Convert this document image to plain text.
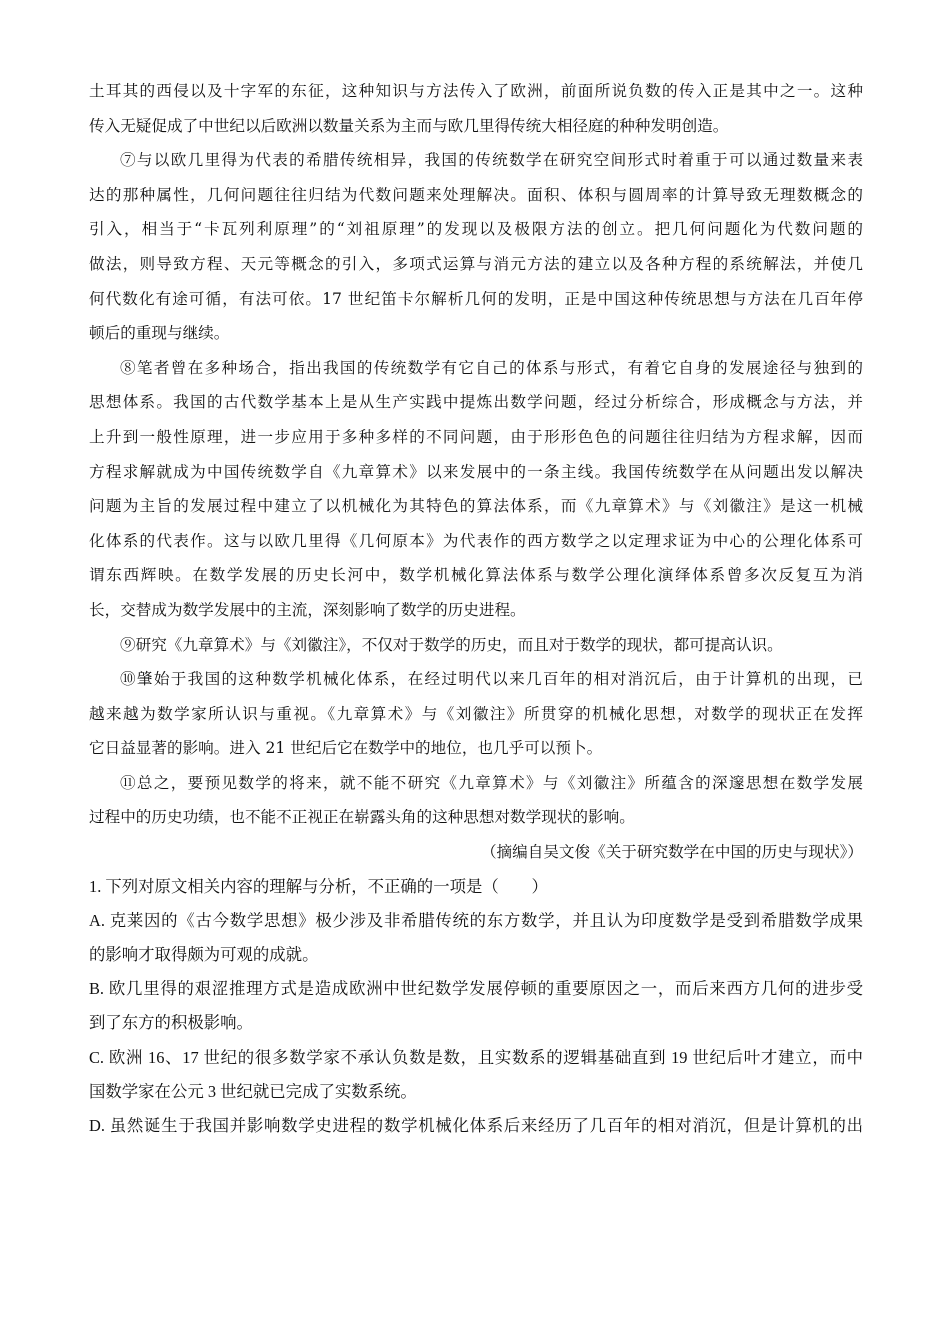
土耳其的西侵以及十字军的东征，这种知识与方法传入了欧洲，前面所说负数的传入正是其中之一。这种

传入无疑促成了中世纪以后欧洲以数量关系为主而与欧几里得传统大相径庭的种种发明创造。

⑦与以欧几里得为代表的希腊传统相异，我国的传统数学在研究空间形式时着重于可以通过数量来表

达的那种属性，几何问题往往归结为代数问题来处理解决。面积、体积与圆周率的计算导致无理数概念的

引入，相当于“卡瓦列利原理”的“刘祖原理”的发现以及极限方法的创立。把几何问题化为代数问题的

做法，则导致方程、天元等概念的引入，多项式运算与消元方法的建立以及各种方程的系统解法，并使几

何代数化有途可循，有法可依。17 世纪笛卡尔解析几何的发明，正是中国这种传统思想与方法在几百年停

顿后的重现与继续。

⑧笔者曾在多种场合，指出我国的传统数学有它自己的体系与形式，有着它自身的发展途径与独到的

思想体系。我国的古代数学基本上是从生产实践中提炼出数学问题，经过分析综合，形成概念与方法，并

上升到一般性原理，进一步应用于多种多样的不同问题，由于形形色色的问题往往归结为方程求解，因而

方程求解就成为中国传统数学自《九章算术》以来发展中的一条主线。我国传统数学在从问题出发以解决

问题为主旨的发展过程中建立了以机械化为其特色的算法体系，而《九章算术》与《刘徽注》是这一机械

化体系的代表作。这与以欧几里得《几何原本》为代表作的西方数学之以定理求证为中心的公理化体系可

谓东西辉映。在数学发展的历史长河中，数学机械化算法体系与数学公理化演绎体系曾多次反复互为消

长，交替成为数学发展中的主流，深刻影响了数学的历史进程。

⑨研究《九章算术》与《刘徽注》，不仅对于数学的历史，而且对于数学的现状，都可提高认识。

⑩肇始于我国的这种数学机械化体系，在经过明代以来几百年的相对消沉后，由于计算机的出现，已

越来越为数学家所认识与重视。《九章算术》与《刘徽注》所贯穿的机械化思想，对数学的现状正在发挥

它日益显著的影响。进入 21 世纪后它在数学中的地位，也几乎可以预卜。

⑪总之，要预见数学的将来，就不能不研究《九章算术》与《刘徽注》所蕴含的深邃思想在数学发展

过程中的历史功绩，也不能不正视正在崭露头角的这种思想对数学现状的影响。

（摘编自吴文俊《关于研究数学在中国的历史与现状》）

1. 下列对原文相关内容的理解与分析，不正确的一项是（　　）

A. 克莱因的《古今数学思想》极少涉及非希腊传统的东方数学，并且认为印度数学是受到希腊数学成果

的影响才取得颇为可观的成就。

B. 欧几里得的艰涩推理方式是造成欧洲中世纪数学发展停顿的重要原因之一，而后来西方几何的进步受

到了东方的积极影响。

C. 欧洲 16、17 世纪的很多数学家不承认负数是数，且实数系的逻辑基础直到 19 世纪后叶才建立，而中

国数学家在公元 3 世纪就已完成了实数系统。

D. 虽然诞生于我国并影响数学史进程的数学机械化体系后来经历了几百年的相对消沉，但是计算机的出
